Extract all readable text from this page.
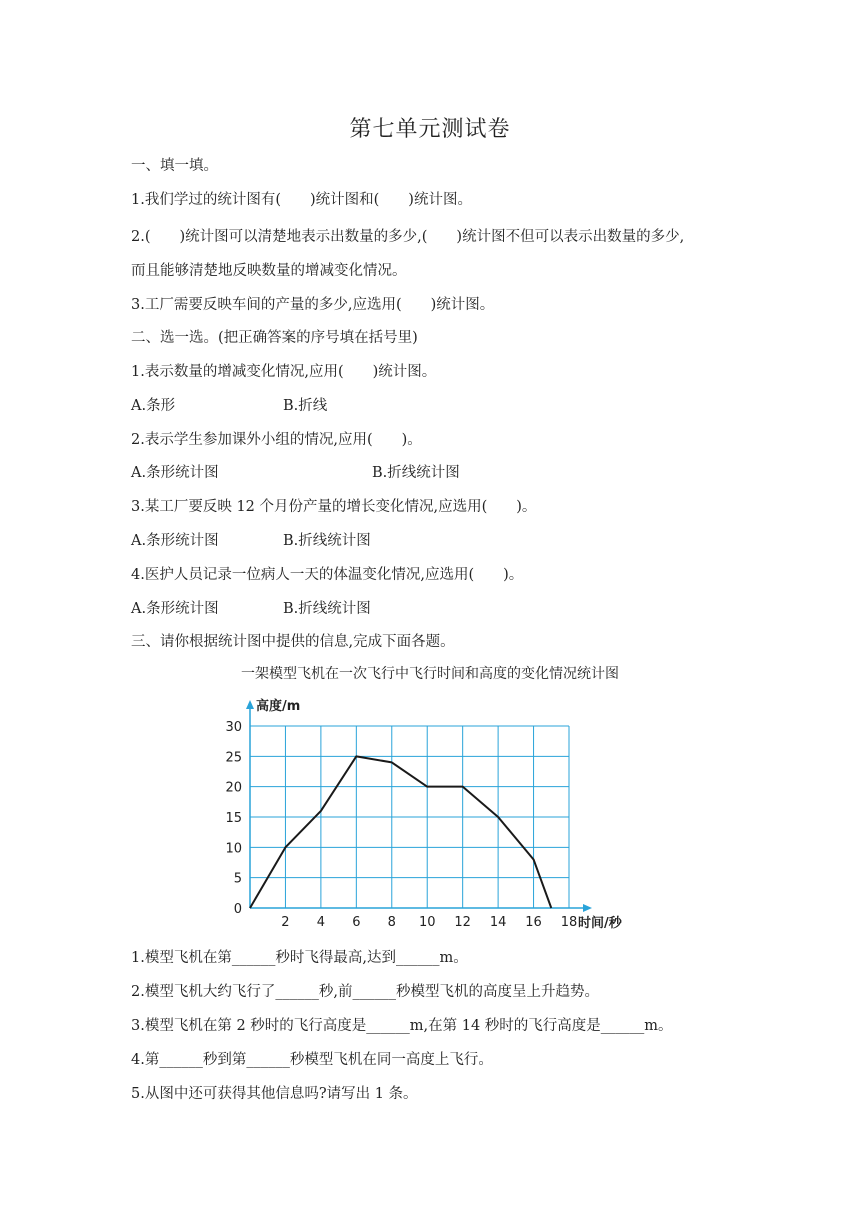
第七单元测试卷
一、填一填。
1.我们学过的统计图有(　　)统计图和(　　)统计图。
2.(　　)统计图可以清楚地表示出数量的多少,(　　)统计图不但可以表示出数量的多少,
而且能够清楚地反映数量的增减变化情况。
3.工厂需要反映车间的产量的多少,应选用(　　)统计图。
二、选一选。(把正确答案的序号填在括号里)
1.表示数量的增减变化情况,应用(　　)统计图。
A.条形	B.折线
2.表示学生参加课外小组的情况,应用(　　)。
A.条形统计图	B.折线统计图
3.某工厂要反映 12 个月份产量的增长变化情况,应选用(　　)。
A.条形统计图	B.折线统计图
4.医护人员记录一位病人一天的体温变化情况,应选用(　　)。
A.条形统计图	B.折线统计图
三、请你根据统计图中提供的信息,完成下面各题。
一架模型飞机在一次飞行中飞行时间和高度的变化情况统计图
0
5
10
15
20
25
30
2 4 6 8 10 12 14 16 18
高度/m
时间/秒
1.模型飞机在第______秒时飞得最高,达到______m。
2.模型飞机大约飞行了______秒,前______秒模型飞机的高度呈上升趋势。
3.模型飞机在第 2 秒时的飞行高度是______m,在第 14 秒时的飞行高度是______m。
4.第______秒到第______秒模型飞机在同一高度上飞行。
5.从图中还可获得其他信息吗?请写出 1 条。
